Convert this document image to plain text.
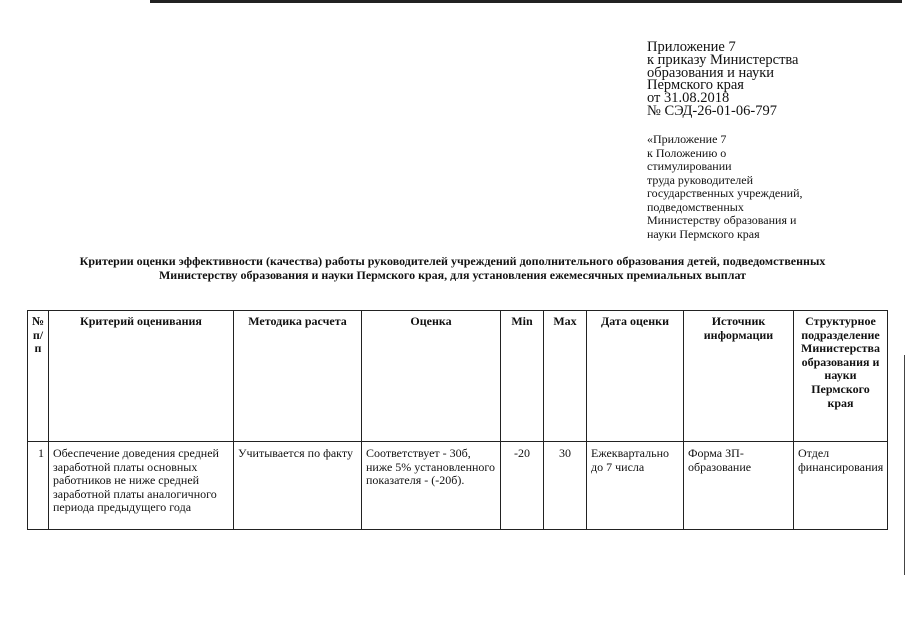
Приложение 7
к приказу Министерства
образования и науки
Пермского края
от 31.08.2018
№ СЭД-26-01-06-797
«Приложение 7
к Положению о
стимулировании
труда руководителей
государственных учреждений,
подведомственных
Министерству образования и
науки Пермского края
Критерии оценки эффективности (качества) работы руководителей учреждений дополнительного образования детей, подведомственных
Министерству образования и науки Пермского края, для установления ежемесячных премиальных выплат
№
п/
п	Критерий оценивания	Методика расчета	Оценка	Min	Max	Дата оценки	Источник информации	Структурное подразделение Министерства образования и науки Пермского края
1	Обеспечение доведения средней заработной платы основных работников не ниже средней заработной платы аналогичного периода предыдущего года	Учитывается по факту	Соответствует - 30б, ниже 5% установленного показателя - (-20б).	-20	30	Ежеквартально до 7 числа	Форма ЗП-образование	Отдел финансирования
